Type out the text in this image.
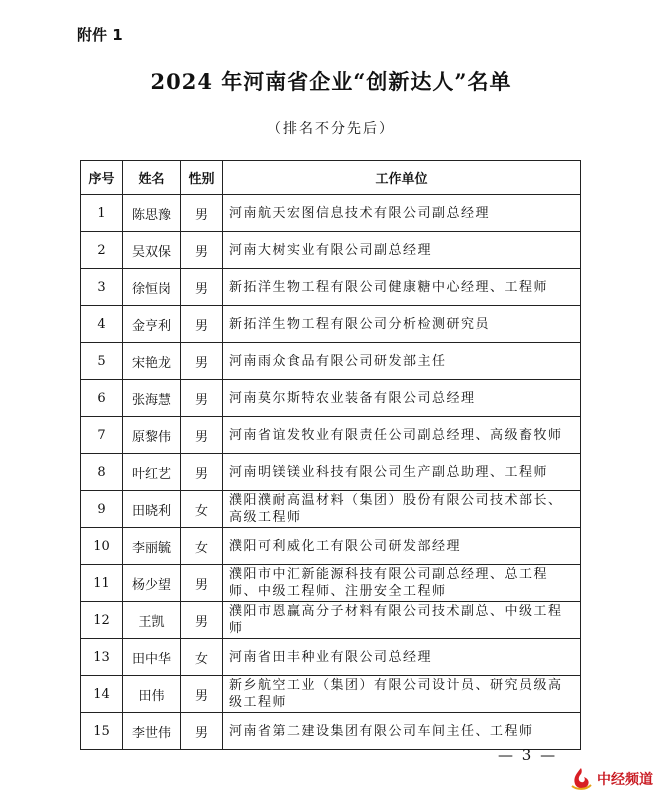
附件 1
2024 年河南省企业“创新达人”名单
（排名不分先后）
序号	姓名	性别	工作单位
1	陈思豫	男	河南航天宏图信息技术有限公司副总经理
2	吴双保	男	河南大树实业有限公司副总经理
3	徐恒岗	男	新拓洋生物工程有限公司健康糖中心经理、工程师
4	金亨利	男	新拓洋生物工程有限公司分析检测研究员
5	宋艳龙	男	河南雨众食品有限公司研发部主任
6	张海慧	男	河南莫尔斯特农业装备有限公司总经理
7	原黎伟	男	河南省谊发牧业有限责任公司副总经理、高级畜牧师
8	叶红艺	男	河南明镁镁业科技有限公司生产副总助理、工程师
9	田晓利	女	濮阳濮耐高温材料（集团）股份有限公司技术部长、高级工程师
10	李丽毓	女	濮阳可利威化工有限公司研发部经理
11	杨少望	男	濮阳市中汇新能源科技有限公司副总经理、总工程师、中级工程师、注册安全工程师
12	王凯	男	濮阳市恩赢高分子材料有限公司技术副总、中级工程师
13	田中华	女	河南省田丰种业有限公司总经理
14	田伟	男	新乡航空工业（集团）有限公司设计员、研究员级高级工程师
15	李世伟	男	河南省第二建设集团有限公司车间主任、工程师
— 3 —
中经频道
